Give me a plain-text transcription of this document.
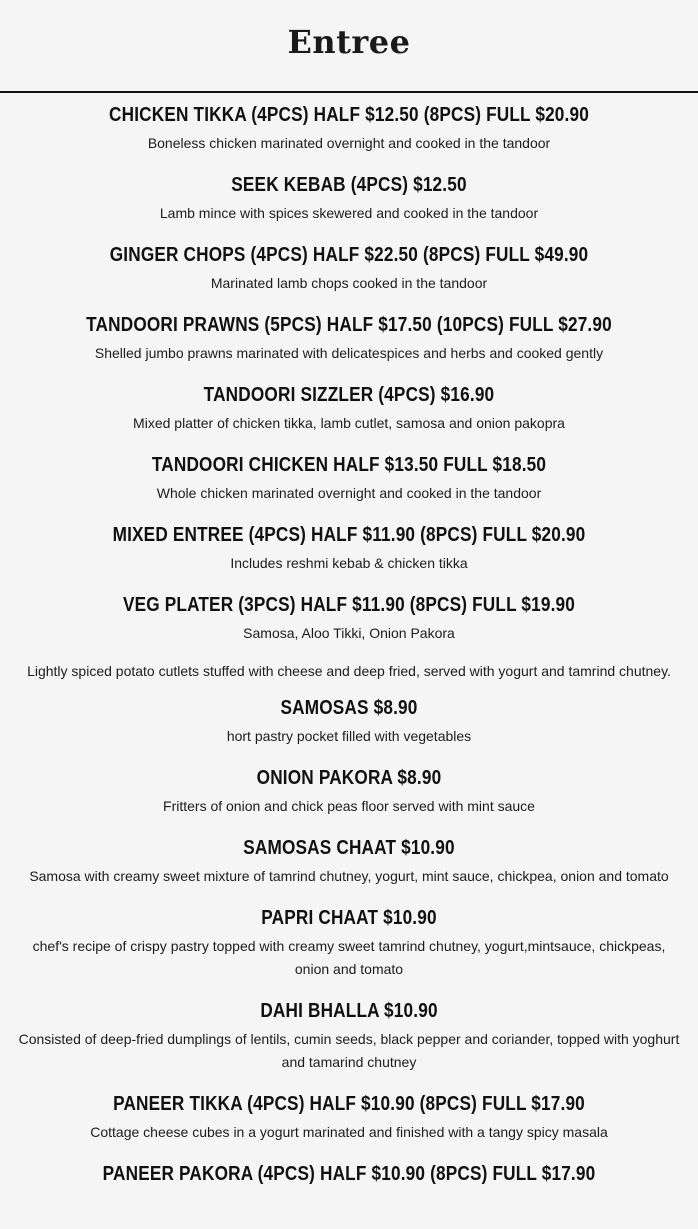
Entree

CHICKEN TIKKA (4PCS) HALF $12.50 (8PCS) FULL $20.90

Boneless chicken marinated overnight and cooked in the tandoor

SEEK KEBAB (4PCS) $12.50

Lamb mince with spices skewered and cooked in the tandoor

GINGER CHOPS (4PCS) HALF $22.50 (8PCS) FULL $49.90

Marinated lamb chops cooked in the tandoor

TANDOORI PRAWNS (5PCS) HALF $17.50 (10PCS) FULL $27.90

Shelled jumbo prawns marinated with delicatespices and herbs and cooked gently

TANDOORI SIZZLER (4PCS) $16.90

Mixed platter of chicken tikka, lamb cutlet, samosa and onion pakopra

TANDOORI CHICKEN HALF $13.50 FULL $18.50

Whole chicken marinated overnight and cooked in the tandoor

MIXED ENTREE (4PCS) HALF $11.90 (8PCS) FULL $20.90

Includes reshmi kebab & chicken tikka

VEG PLATER (3PCS) HALF $11.90 (8PCS) FULL $19.90

Samosa, Aloo Tikki, Onion Pakora

Lightly spiced potato cutlets stuffed with cheese and deep fried, served with yogurt and tamrind chutney.

SAMOSAS $8.90

hort pastry pocket filled with vegetables

ONION PAKORA $8.90

Fritters of onion and chick peas floor served with mint sauce

SAMOSAS CHAAT $10.90

Samosa with creamy sweet mixture of tamrind chutney, yogurt, mint sauce, chickpea, onion and tomato

PAPRI CHAAT $10.90

chef's recipe of crispy pastry topped with creamy sweet tamrind chutney, yogurt,mintsauce, chickpeas, onion and tomato

DAHI BHALLA $10.90

Consisted of deep-fried dumplings of lentils, cumin seeds, black pepper and coriander, topped with yoghurt and tamarind chutney

PANEER TIKKA (4PCS) HALF $10.90 (8PCS) FULL $17.90

Cottage cheese cubes in a yogurt marinated and finished with a tangy spicy masala

PANEER PAKORA (4PCS) HALF $10.90 (8PCS) FULL $17.90
